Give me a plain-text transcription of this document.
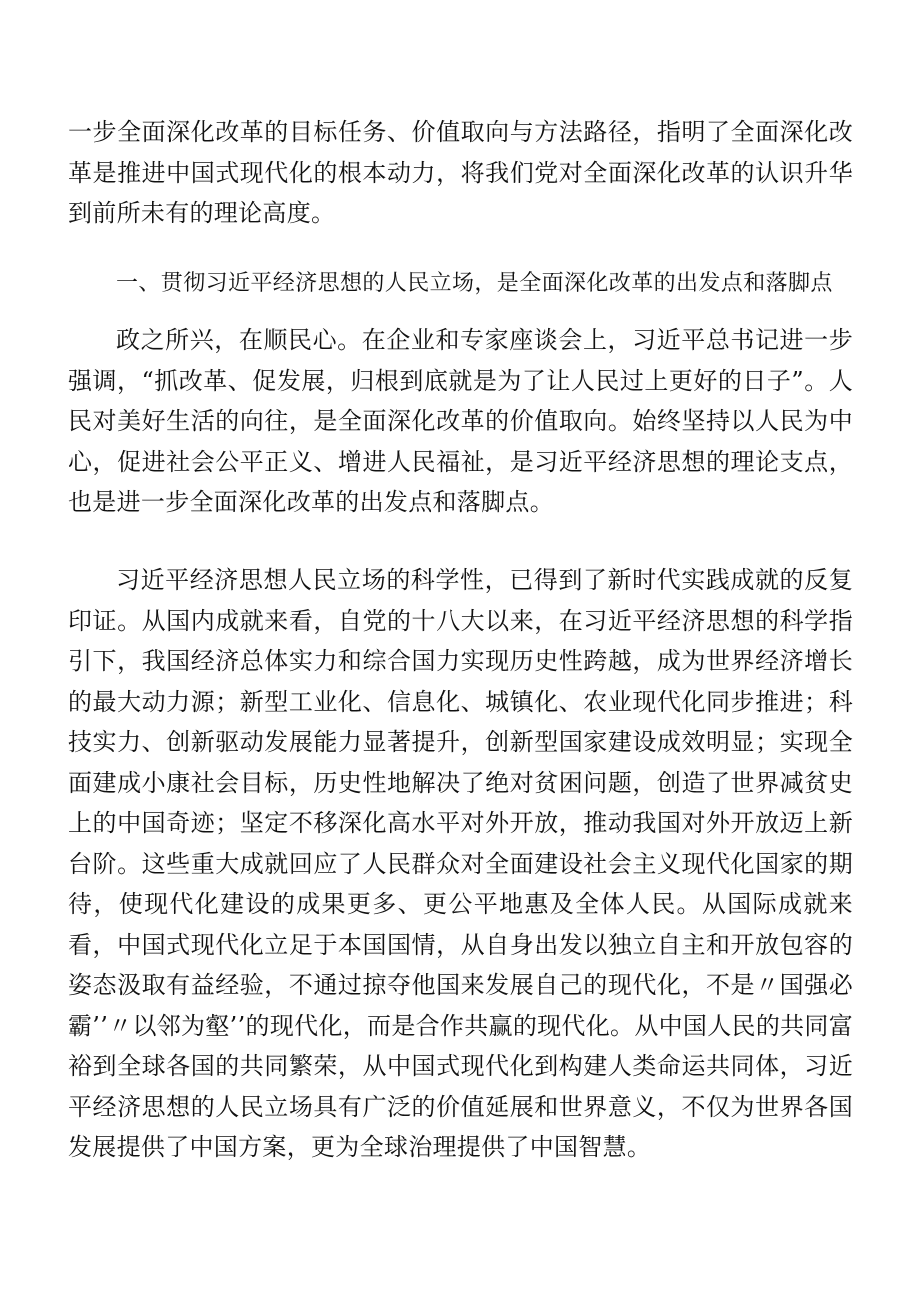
一步全面深化改革的目标任务、价值取向与方法路径，指明了全面深化改革是推进中国式现代化的根本动力，将我们党对全面深化改革的认识升华到前所未有的理论高度。

一、贯彻习近平经济思想的人民立场，是全面深化改革的出发点和落脚点

政之所兴，在顺民心。在企业和专家座谈会上，习近平总书记进一步强调，“抓改革、促发展，归根到底就是为了让人民过上更好的日子”。人民对美好生活的向往，是全面深化改革的价值取向。始终坚持以人民为中心，促进社会公平正义、增进人民福祉，是习近平经济思想的理论支点，也是进一步全面深化改革的出发点和落脚点。

习近平经济思想人民立场的科学性，已得到了新时代实践成就的反复印证。从国内成就来看，自党的十八大以来，在习近平经济思想的科学指引下，我国经济总体实力和综合国力实现历史性跨越，成为世界经济增长的最大动力源；新型工业化、信息化、城镇化、农业现代化同步推进；科技实力、创新驱动发展能力显著提升，创新型国家建设成效明显；实现全面建成小康社会目标，历史性地解决了绝对贫困问题，创造了世界减贫史上的中国奇迹；坚定不移深化高水平对外开放，推动我国对外开放迈上新台阶。这些重大成就回应了人民群众对全面建设社会主义现代化国家的期待，使现代化建设的成果更多、更公平地惠及全体人民。从国际成就来看，中国式现代化立足于本国国情，从自身出发以独立自主和开放包容的姿态汲取有益经验，不通过掠夺他国来发展自己的现代化，不是〃国强必霸’’〃以邻为壑’’的现代化，而是合作共赢的现代化。从中国人民的共同富裕到全球各国的共同繁荣，从中国式现代化到构建人类命运共同体，习近平经济思想的人民立场具有广泛的价值延展和世界意义，不仅为世界各国发展提供了中国方案，更为全球治理提供了中国智慧。
